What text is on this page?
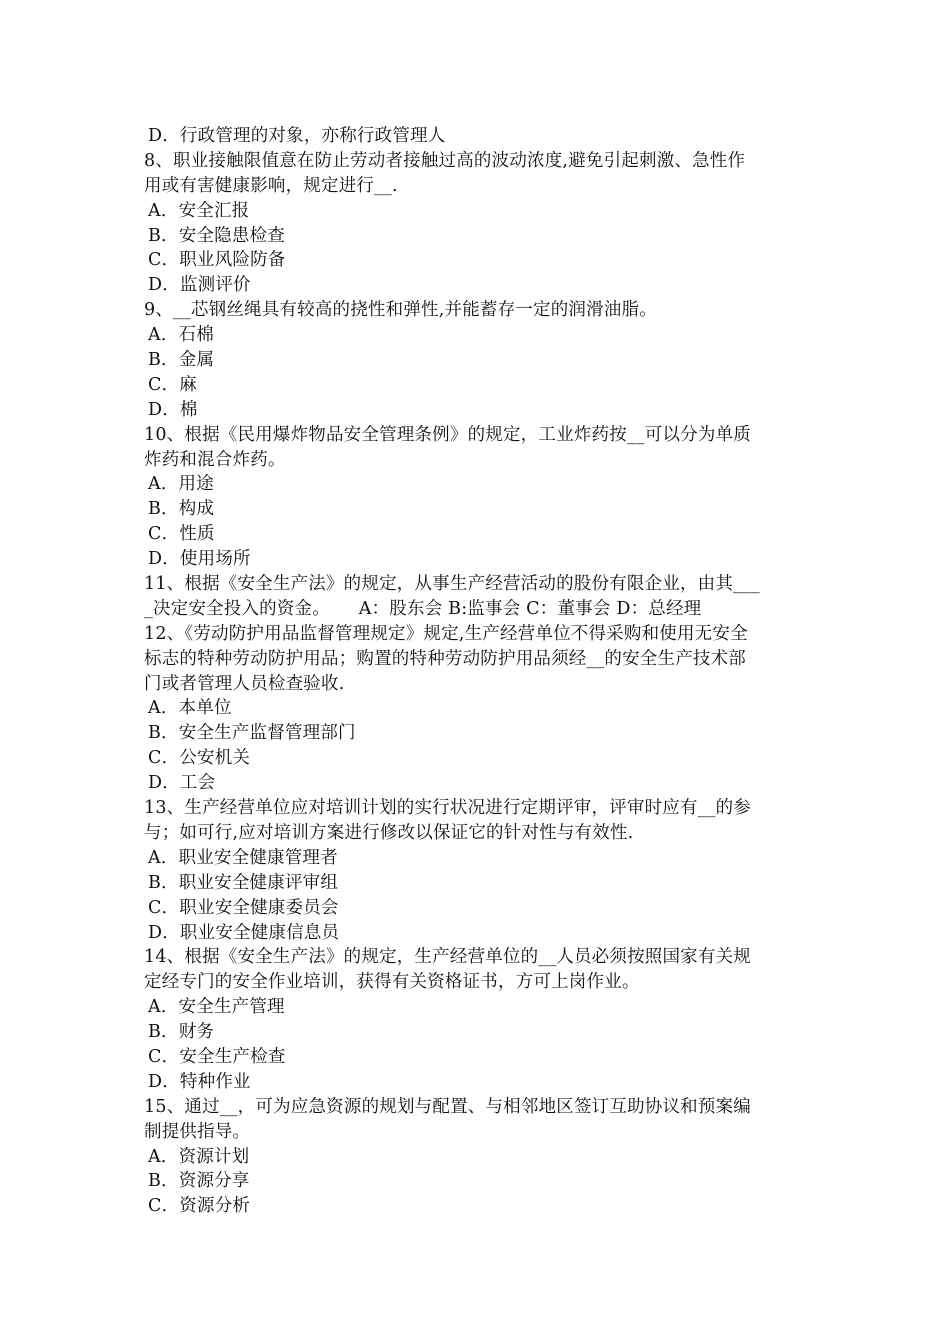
D．行政管理的对象，亦称行政管理人
8、职业接触限值意在防止劳动者接触过高的波动浓度,避免引起刺激、急性作
用或有害健康影响，规定进行__.
A．安全汇报
B．安全隐患检查
C．职业风险防备
D．监测评价
9、__芯钢丝绳具有较高的挠性和弹性,并能蓄存一定的润滑油脂。
A．石棉
B．金属
C．麻
D．棉
10、根据《民用爆炸物品安全管理条例》的规定，工业炸药按__可以分为单质
炸药和混合炸药。
A．用途
B．构成
C．性质
D．使用场所
11、根据《安全生产法》的规定，从事生产经营活动的股份有限企业，由其___
_决定安全投入的资金。     A：股东会 B:监事会 C：董事会 D：总经理
12、《劳动防护用品监督管理规定》规定,生产经营单位不得采购和使用无安全
标志的特种劳动防护用品；购置的特种劳动防护用品须经__的安全生产技术部
门或者管理人员检查验收.
A．本单位
B．安全生产监督管理部门
C．公安机关
D．工会
13、生产经营单位应对培训计划的实行状况进行定期评审，评审时应有__的参
与；如可行,应对培训方案进行修改以保证它的针对性与有效性.
A．职业安全健康管理者
B．职业安全健康评审组
C．职业安全健康委员会
D．职业安全健康信息员
14、根据《安全生产法》的规定，生产经营单位的__人员必须按照国家有关规
定经专门的安全作业培训，获得有关资格证书，方可上岗作业。
A．安全生产管理
B．财务
C．安全生产检查
D．特种作业
15、通过__，可为应急资源的规划与配置、与相邻地区签订互助协议和预案编
制提供指导。
A．资源计划
B．资源分享
C．资源分析
